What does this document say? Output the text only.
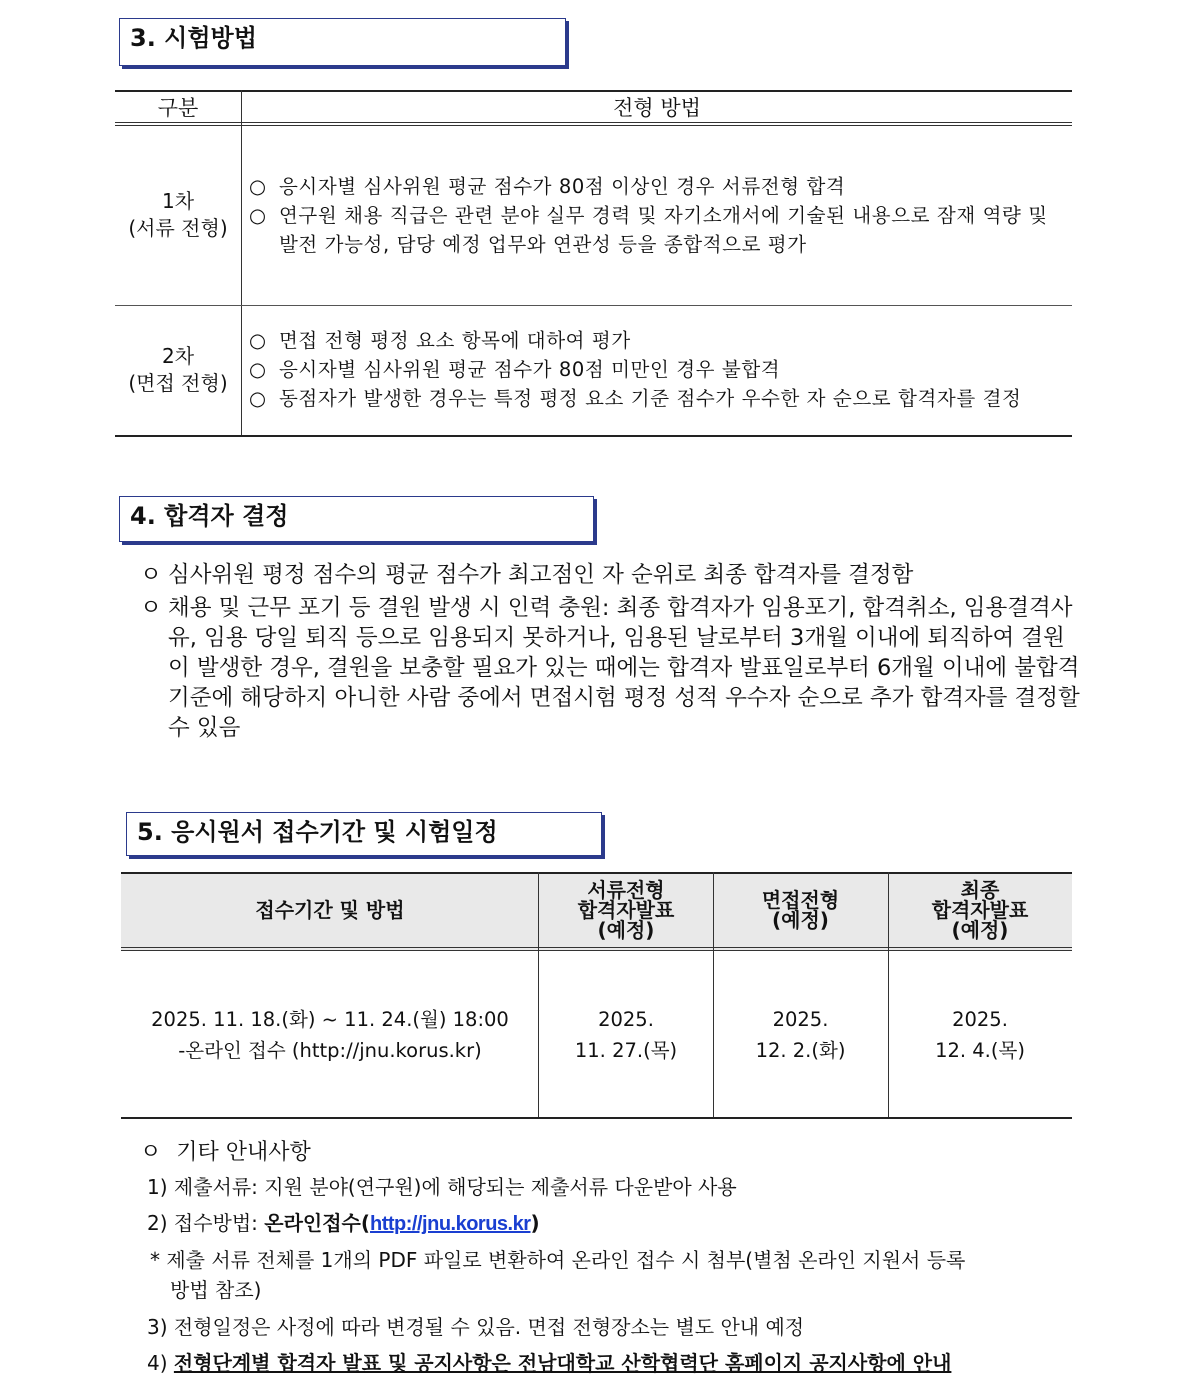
3. 시험방법
구분	전형 방법
1차
(서류 전형)
○ 응시자별 심사위원 평균 점수가 80점 이상인 경우 서류전형 합격
○ 연구원 채용 직급은 관련 분야 실무 경력 및 자기소개서에 기술된 내용으로 잠재 역량 및 발전 가능성, 담당 예정 업무와 연관성 등을 종합적으로 평가
2차
(면접 전형)
○ 면접 전형 평정 요소 항목에 대하여 평가
○ 응시자별 심사위원 평균 점수가 80점 미만인 경우 불합격
○ 동점자가 발생한 경우는 특정 평정 요소 기준 점수가 우수한 자 순으로 합격자를 결정
4. 합격자 결정
ㅇ 심사위원 평정 점수의 평균 점수가 최고점인 자 순위로 최종 합격자를 결정함
ㅇ 채용 및 근무 포기 등 결원 발생 시 인력 충원: 최종 합격자가 임용포기, 합격취소, 임용결격사유, 임용 당일 퇴직 등으로 임용되지 못하거나, 임용된 날로부터 3개월 이내에 퇴직하여 결원이 발생한 경우, 결원을 보충할 필요가 있는 때에는 합격자 발표일로부터 6개월 이내에 불합격 기준에 해당하지 아니한 사람 중에서 면접시험 평정 성적 우수자 순으로 추가 합격자를 결정할 수 있음
5. 응시원서 접수기간 및 시험일정
접수기간 및 방법
서류전형
합격자발표
(예정)
면접전형
(예정)
최종
합격자발표
(예정)
2025. 11. 18.(화) ~ 11. 24.(월) 18:00
-온라인 접수 (http://jnu.korus.kr)
2025.
11. 27.(목)
2025.
12. 2.(화)
2025.
12. 4.(목)
ㅇ 기타 안내사항
1) 제출서류: 지원 분야(연구원)에 해당되는 제출서류 다운받아 사용
2) 접수방법: 온라인접수(http://jnu.korus.kr)
* 제출 서류 전체를 1개의 PDF 파일로 변환하여 온라인 접수 시 첨부(별첨 온라인 지원서 등록
방법 참조)
3) 전형일정은 사정에 따라 변경될 수 있음. 면접 전형장소는 별도 안내 예정
4) 전형단계별 합격자 발표 및 공지사항은 전남대학교 산학협력단 홈페이지 공지사항에 안내
